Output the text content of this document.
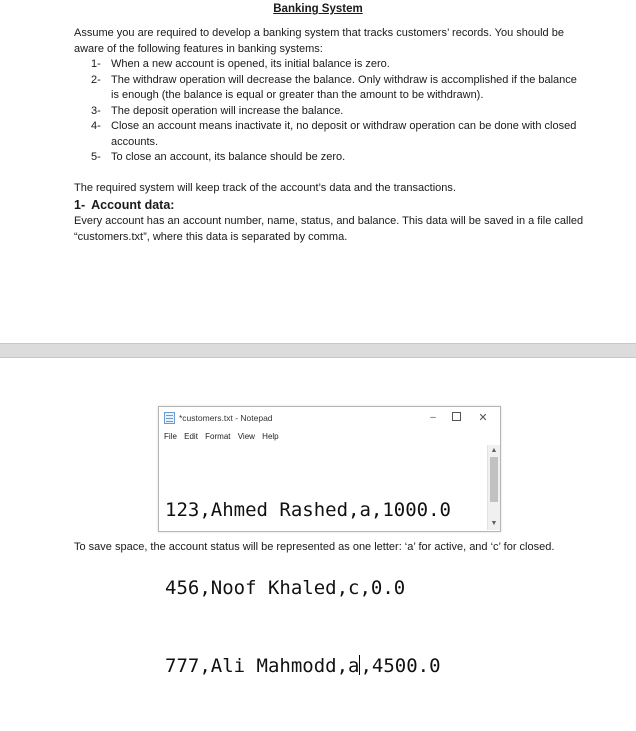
Banking System

Assume you are required to develop a banking system that tracks customers’ records. You should be aware of the following features in banking systems:

1- When a new account is opened, its initial balance is zero.
2- The withdraw operation will decrease the balance. Only withdraw is accomplished if the balance is enough (the balance is equal or greater than the amount to be withdrawn).
3- The deposit operation will increase the balance.
4- Close an account means inactivate it, no deposit or withdraw operation can be done with closed accounts.
5- To close an account, its balance should be zero.

The required system will keep track of the account’s data and the transactions.

1- Account data:

Every account has an account number, name, status, and balance. This data will be saved in a file called “customers.txt”, where this data is separated by comma.

*customers.txt - Notepad	–	✕
File Edit Format View Help

123,Ahmed Rashed,a,1000.0

456,Noof Khaled,c,0.0

777,Ali Mahmodd,a,4500.0

▲
▼

To save space, the account status will be represented as one letter: ‘a’ for active, and ‘c’ for closed.
